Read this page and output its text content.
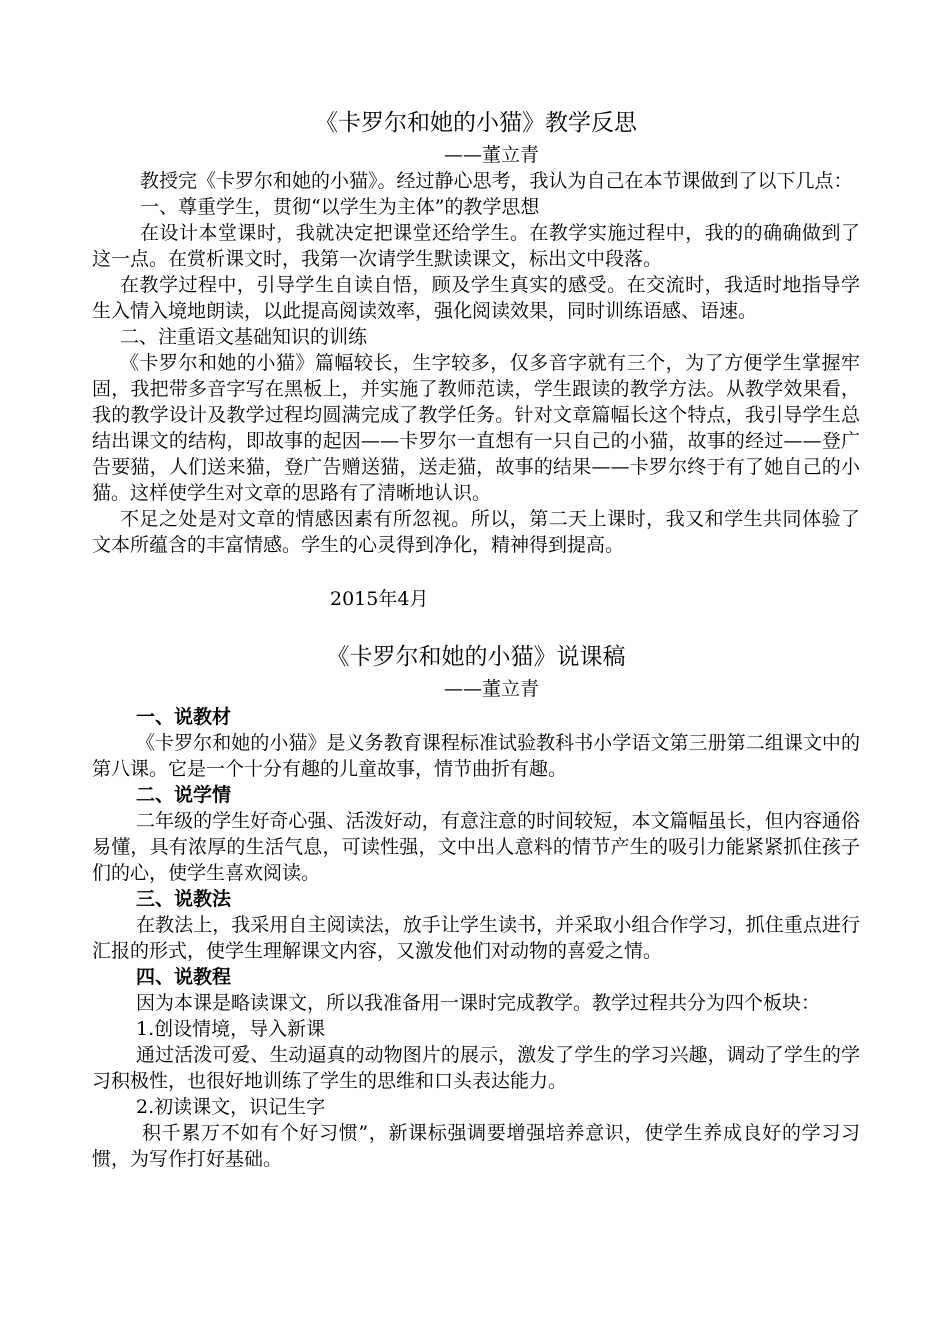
《卡罗尔和她的小猫》教学反思

——董立青

教授完《卡罗尔和她的小猫》。经过静心思考，我认为自己在本节课做到了以下几点：

一、尊重学生，贯彻“以学生为主体”的教学思想

在设计本堂课时，我就决定把课堂还给学生。在教学实施过程中，我的的确确做到了这一点。在赏析课文时，我第一次请学生默读课文，标出文中段落。

在教学过程中，引导学生自读自悟，顾及学生真实的感受。在交流时，我适时地指导学生入情入境地朗读，以此提高阅读效率，强化阅读效果，同时训练语感、语速。

二、注重语文基础知识的训练

《卡罗尔和她的小猫》篇幅较长，生字较多，仅多音字就有三个，为了方便学生掌握牢固，我把带多音字写在黑板上，并实施了教师范读，学生跟读的教学方法。从教学效果看，我的教学设计及教学过程均圆满完成了教学任务。针对文章篇幅长这个特点，我引导学生总结出课文的结构，即故事的起因——卡罗尔一直想有一只自己的小猫，故事的经过——登广告要猫，人们送来猫，登广告赠送猫，送走猫，故事的结果——卡罗尔终于有了她自己的小猫。这样使学生对文章的思路有了清晰地认识。

不足之处是对文章的情感因素有所忽视。所以，第二天上课时，我又和学生共同体验了文本所蕴含的丰富情感。学生的心灵得到净化，精神得到提高。

2015年4月

《卡罗尔和她的小猫》说课稿

——董立青

一、说教材

《卡罗尔和她的小猫》是义务教育课程标准试验教科书小学语文第三册第二组课文中的第八课。它是一个十分有趣的儿童故事，情节曲折有趣。

二、说学情

二年级的学生好奇心强、活泼好动，有意注意的时间较短，本文篇幅虽长，但内容通俗易懂，具有浓厚的生活气息，可读性强，文中出人意料的情节产生的吸引力能紧紧抓住孩子们的心，使学生喜欢阅读。

三、说教法

在教法上，我采用自主阅读法，放手让学生读书，并采取小组合作学习，抓住重点进行汇报的形式，使学生理解课文内容，又激发他们对动物的喜爱之情。

四、说教程

因为本课是略读课文，所以我准备用一课时完成教学。教学过程共分为四个板块：

1.创设情境，导入新课

通过活泼可爱、生动逼真的动物图片的展示，激发了学生的学习兴趣，调动了学生的学习积极性，也很好地训练了学生的思维和口头表达能力。

2.初读课文，识记生字

积千累万不如有个好习惯”，新课标强调要增强培养意识，使学生养成良好的学习习惯，为写作打好基础。
